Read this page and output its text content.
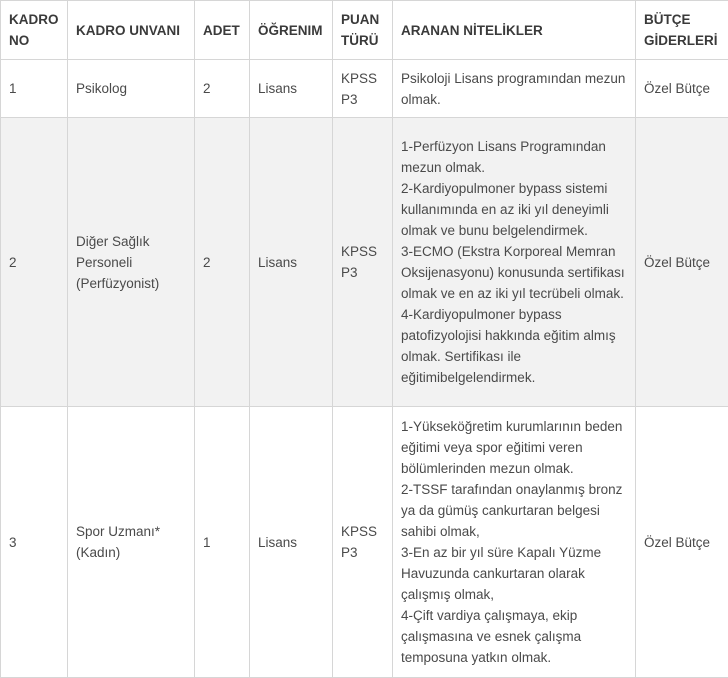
KADRO NO	KADRO UNVANI	ADET	ÖĞRENIM	PUAN TÜRÜ	ARANAN NİTELİKLER	BÜTÇE GİDERLERİ
1	Psikolog	2	Lisans	KPSS P3	Psikoloji Lisans programından mezun olmak.	Özel Bütçe
2	Diğer Sağlık Personeli (Perfüzyonist)	2	Lisans	KPSS P3	1-Perfüzyon Lisans Programından mezun olmak.
2-Kardiyopulmoner bypass sistemi kullanımında en az iki yıl deneyimli olmak ve bunu belgelendirmek.
3-ECMO (Ekstra Korporeal Memran Oksijenasyonu) konusunda sertifikası olmak ve en az iki yıl tecrübeli olmak.
4-Kardiyopulmoner bypass patofizyolojisi hakkında eğitim almış olmak. Sertifikası ile eğitimibelgelendirmek.	Özel Bütçe
3	Spor Uzmanı* (Kadın)	1	Lisans	KPSS P3	1-Yükseköğretim kurumlarının beden eğitimi veya spor eğitimi veren bölümlerinden mezun olmak.
2-TSSF tarafından onaylanmış bronz ya da gümüş cankurtaran belgesi sahibi olmak,
3-En az bir yıl süre Kapalı Yüzme Havuzunda cankurtaran olarak çalışmış olmak,
4-Çift vardiya çalışmaya, ekip çalışmasına ve esnek çalışma temposuna yatkın olmak.	Özel Bütçe
